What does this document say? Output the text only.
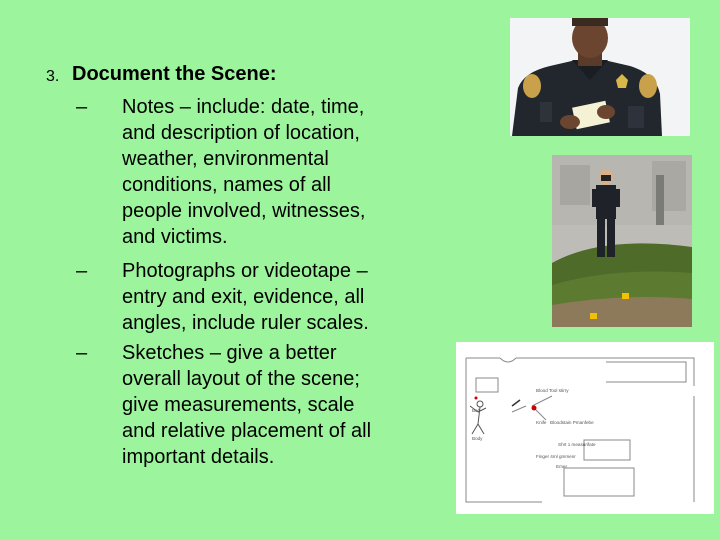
3. Document the Scene:
– Notes – include: date, time,
and description of location,
weather, environmental
conditions, names of all
people involved, witnesses,
and victims.
– Photographs or videotape –
entry and exit, evidence, all
angles, include ruler scales.
– Sketches – give a better
overall layout of the scene;
give measurements, scale
and relative placement of all
important details.
Blood Tool stirry
Bloodstain Pmanfebe
Belt
Body
Knife
Shrt 1 measurifate
Finger 4ml gmmenr
Emer
